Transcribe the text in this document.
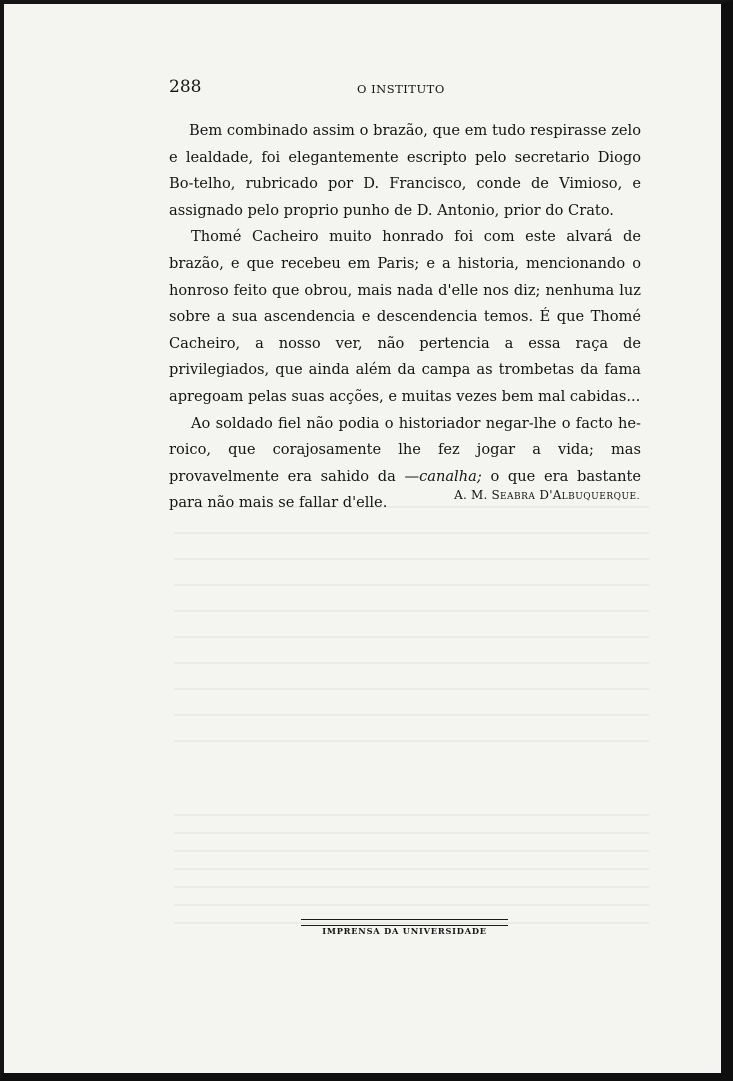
288	O INSTITUTO

Bem combinado assim o brazão, que em tudo respirasse zelo e lealdade, foi elegantemente escripto pelo secretario Diogo Bo-telho, rubricado por D. Francisco, conde de Vimioso, e assignado pelo proprio punho de D. Antonio, prior do Crato.

Thomé Cacheiro muito honrado foi com este alvará de brazão, e que recebeu em Paris; e a historia, mencionando o honroso feito que obrou, mais nada d'elle nos diz; nenhuma luz sobre a sua ascendencia e descendencia temos. É que Thomé Cacheiro, a nosso ver, não pertencia a essa raça de privilegiados, que ainda além da campa as trombetas da fama apregoam pelas suas acções, e muitas vezes bem mal cabidas...

Ao soldado fiel não podia o historiador negar-lhe o facto he-roico, que corajosamente lhe fez jogar a vida; mas provavelmente era sahido da —canalha; o que era bastante para não mais se fallar d'elle.	A. M. SEABRA D'ALBUQUERQUE.
IMPRENSA DA UNIVERSIDADE
